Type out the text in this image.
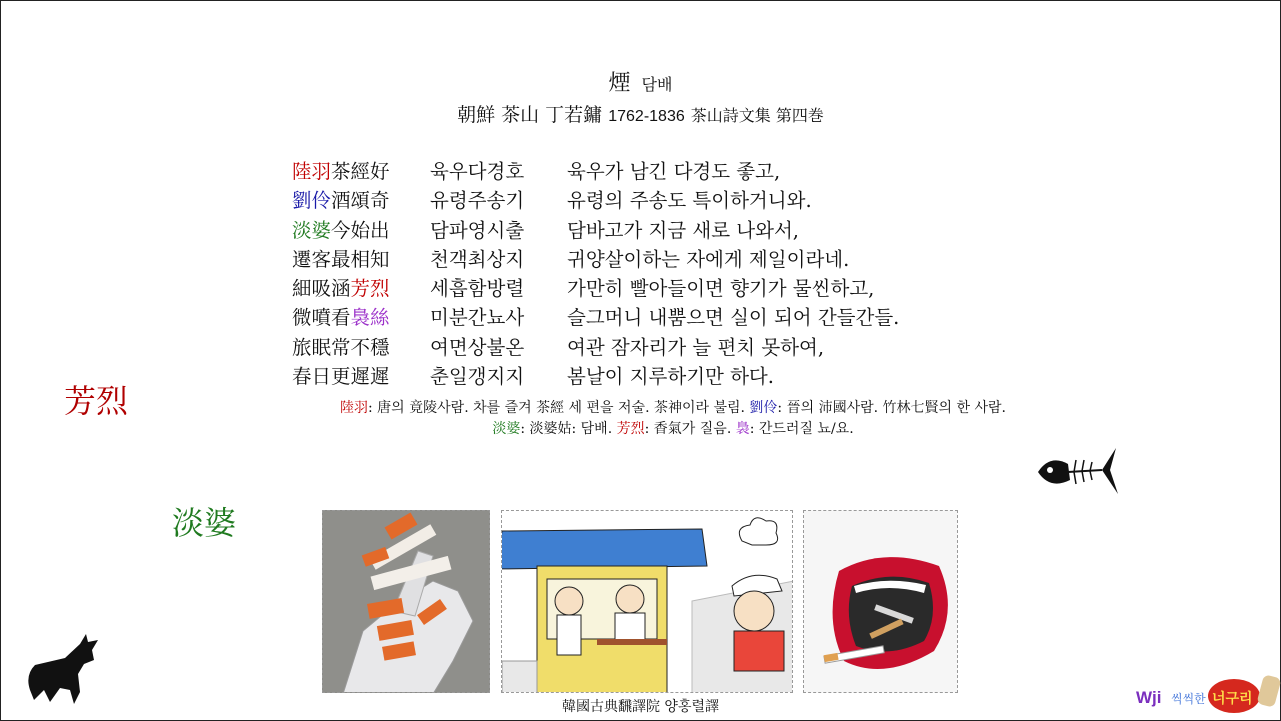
煙 담배
朝鮮 茶山 丁若鏞 1762-1836 茶山詩文集 第四巻
陸羽茶經好 육우다경호 육우가 남긴 다경도 좋고,
劉伶酒頌奇 유령주송기 유령의 주송도 특이하거니와.
淡婆今始出 담파영시출 담바고가 지금 새로 나와서,
遷客最相知 천객최상지 귀양살이하는 자에게 제일이라네.
細吸涵芳烈 세흡함방렬 가만히 빨아들이면 향기가 물씬하고,
微噴看裊絲 미분간뇨사 슬그머니 내뿜으면 실이 되어 간들간들.
旅眠常不穩 여면상불온 여관 잠자리가 늘 편치 못하여,
春日更遲遲 춘일갱지지 봄날이 지루하기만 하다.
陸羽: 唐의 竟陵사람. 차를 즐겨 茶經 세 편을 저술. 茶神이라 불림. 劉伶: 晉의 沛國사람. 竹林七賢의 한 사람.
淡婆: 淡婆姑: 담배. 芳烈: 香氣가 질음. 裊: 간드러질 뇨/요.
芳烈
淡婆
韓國古典飜譯院 양홍렬譯	Wji 씩씩한 너구리
